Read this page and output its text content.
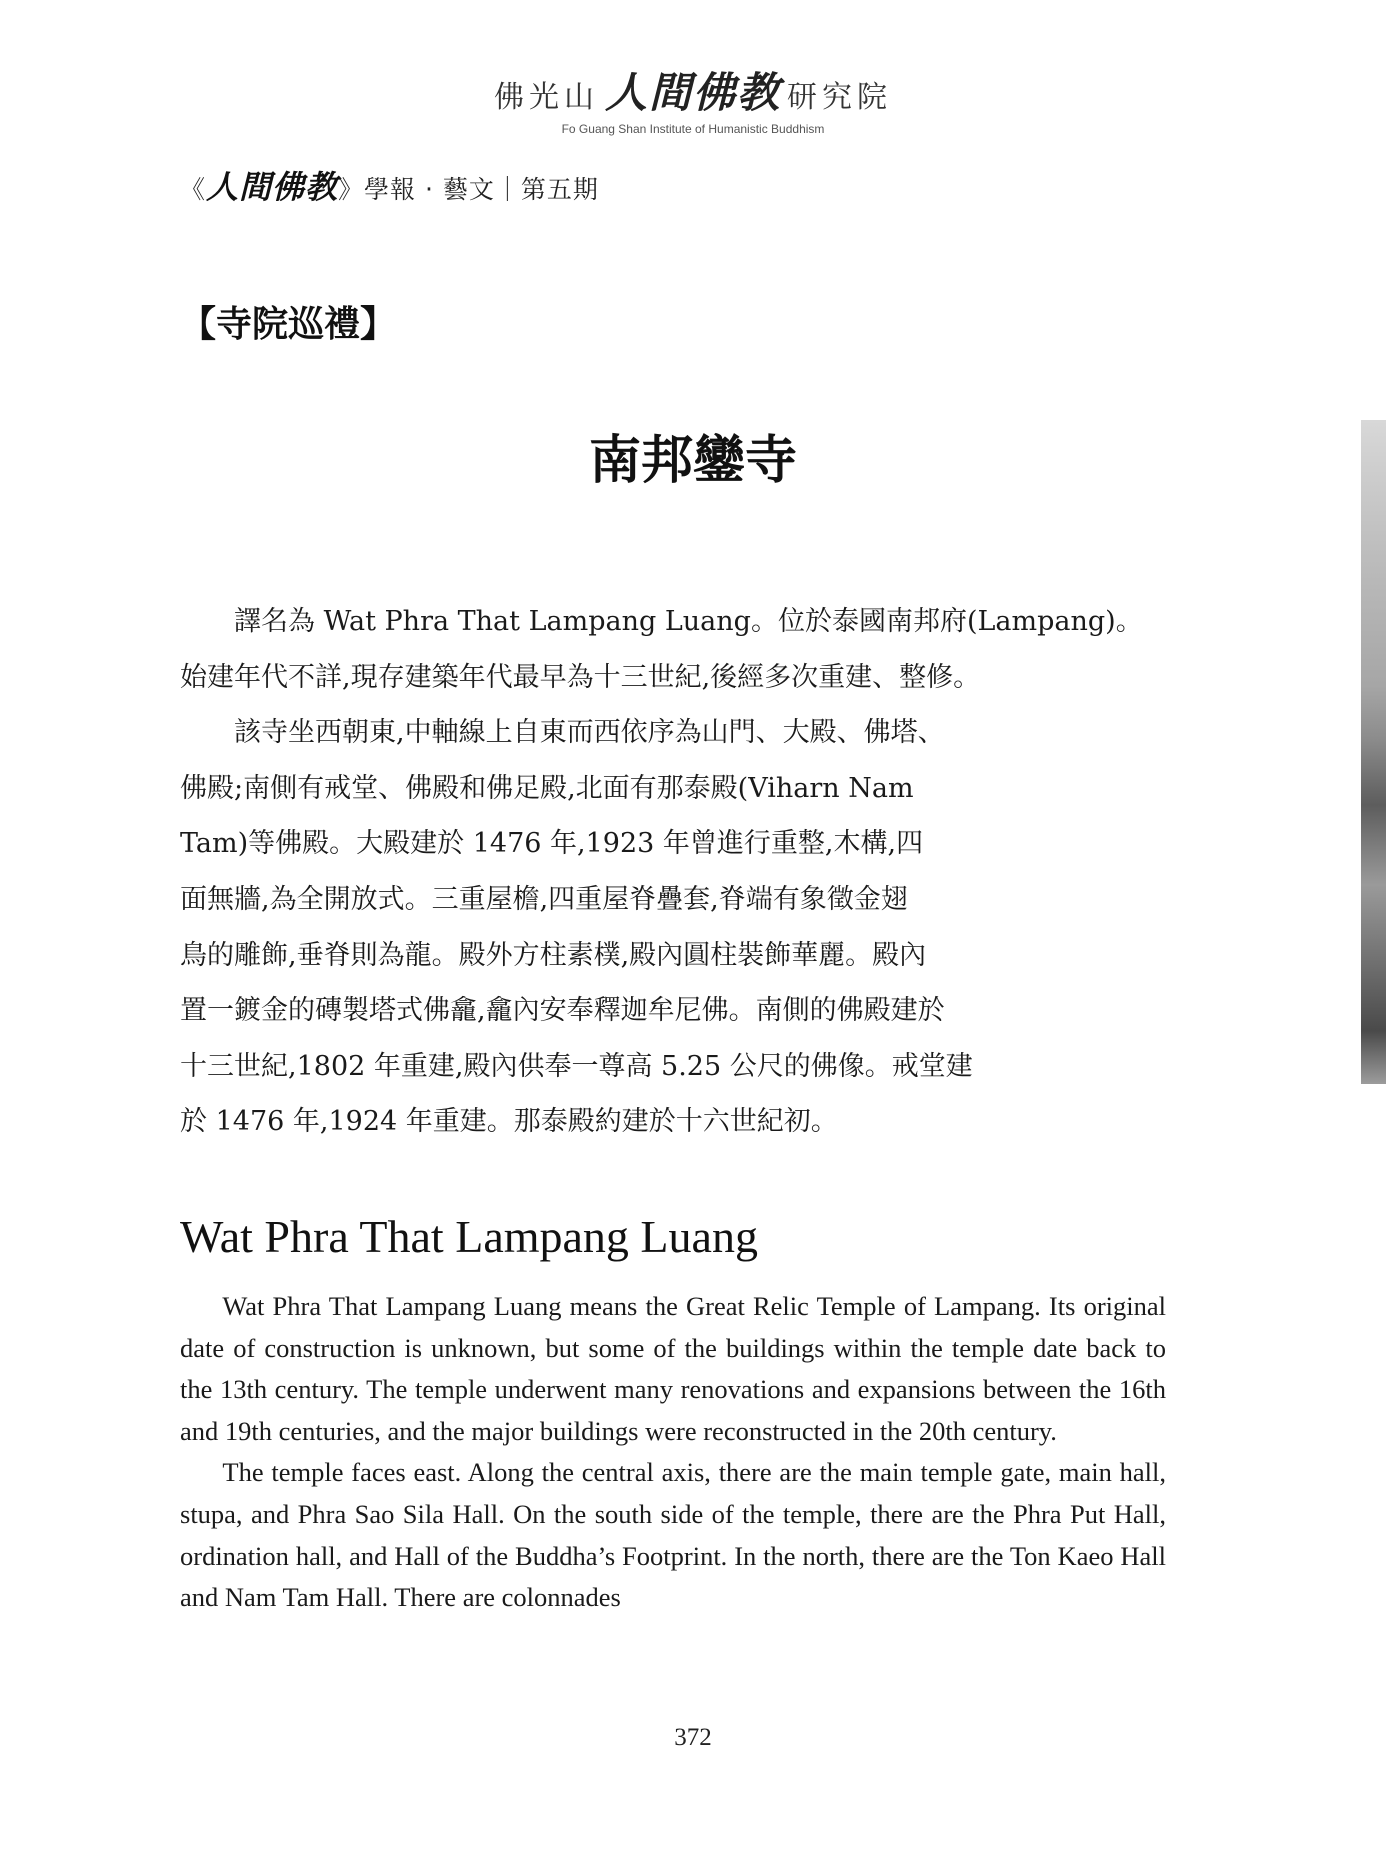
佛光山 人間佛教 研究院
Fo Guang Shan Institute of Humanistic Buddhism
《人間佛教》學報 ‧ 藝文｜第五期
【寺院巡禮】
南邦鑾寺

譯名為 Wat Phra That Lampang Luang。位於泰國南邦府(Lampang)。

始建年代不詳,現存建築年代最早為十三世紀,後經多次重建、整修。

該寺坐西朝東,中軸線上自東而西依序為山門、大殿、佛塔、

佛殿;南側有戒堂、佛殿和佛足殿,北面有那泰殿(Viharn Nam

Tam)等佛殿。大殿建於 1476 年,1923 年曾進行重整,木構,四

面無牆,為全開放式。三重屋檐,四重屋脊疊套,脊端有象徵金翅

鳥的雕飾,垂脊則為龍。殿外方柱素樸,殿內圓柱裝飾華麗。殿內

置一鍍金的磚製塔式佛龕,龕內安奉釋迦牟尼佛。南側的佛殿建於

十三世紀,1802 年重建,殿內供奉一尊高 5.25 公尺的佛像。戒堂建

於 1476 年,1924 年重建。那泰殿約建於十六世紀初。

Wat Phra That Lampang Luang

Wat Phra That Lampang Luang means the Great Relic Temple of Lampang. Its original date of construction is unknown, but some of the buildings within the temple date back to the 13th century. The temple underwent many renovations and expansions between the 16th and 19th centuries, and the major buildings were reconstructed in the 20th century.

The temple faces east. Along the central axis, there are the main temple gate, main hall, stupa, and Phra Sao Sila Hall. On the south side of the temple, there are the Phra Put Hall, ordination hall, and Hall of the Buddha’s Footprint. In the north, there are the Ton Kaeo Hall and Nam Tam Hall. There are colonnades

372
